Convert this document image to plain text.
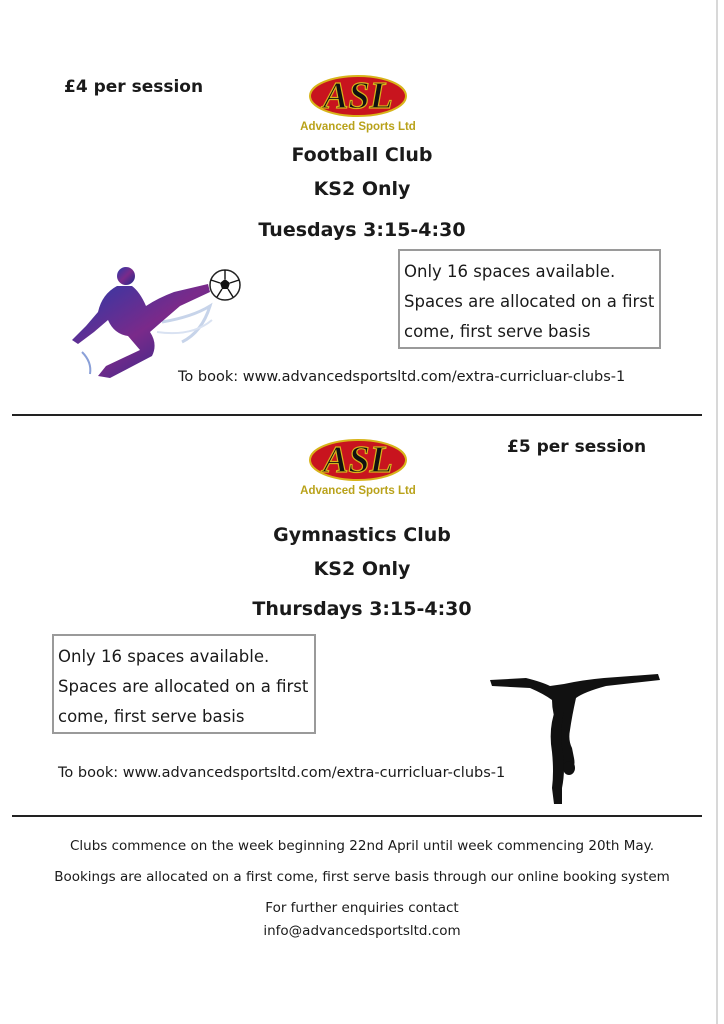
£4 per session	ASL
Advanced Sports Ltd
Football Club
KS2 Only
Tuesdays 3:15-4:30
Only 16 spaces available.
Spaces are allocated on a first
come, first serve basis
To book: www.advancedsportsltd.com/extra-curricluar-clubs-1
£5 per session
ASL
Advanced Sports Ltd
Gymnastics Club
KS2 Only
Thursdays 3:15-4:30
Only 16 spaces available.
Spaces are allocated on a first
come, first serve basis
To book: www.advancedsportsltd.com/extra-curricluar-clubs-1
Clubs commence on the week beginning 22nd April until week commencing 20th May.
Bookings are allocated on a first come, first serve basis through our online booking system
For further enquiries contact
info@advancedsportsltd.com
